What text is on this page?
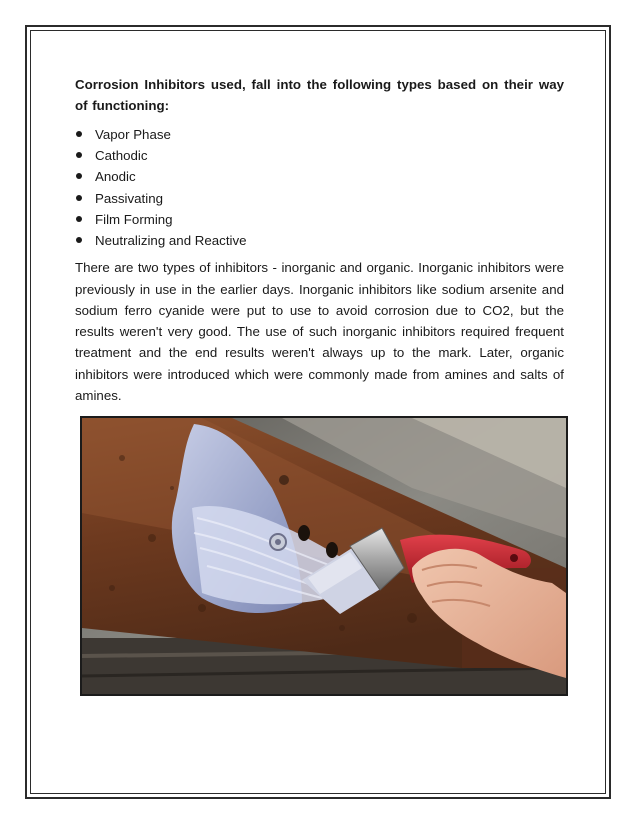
Corrosion Inhibitors used, fall into the following types based on their way of functioning:

Vapor Phase
Cathodic
Anodic
Passivating
Film Forming
Neutralizing and Reactive

There are two types of inhibitors - inorganic and organic. Inorganic inhibitors were previously in use in the earlier days. Inorganic inhibitors like sodium arsenite and sodium ferro cyanide were put to use to avoid corrosion due to CO2, but the results weren't very good. The use of such inorganic inhibitors required frequent treatment and the end results weren't always up to the mark. Later, organic inhibitors were introduced which were commonly made from amines and salts of amines.
